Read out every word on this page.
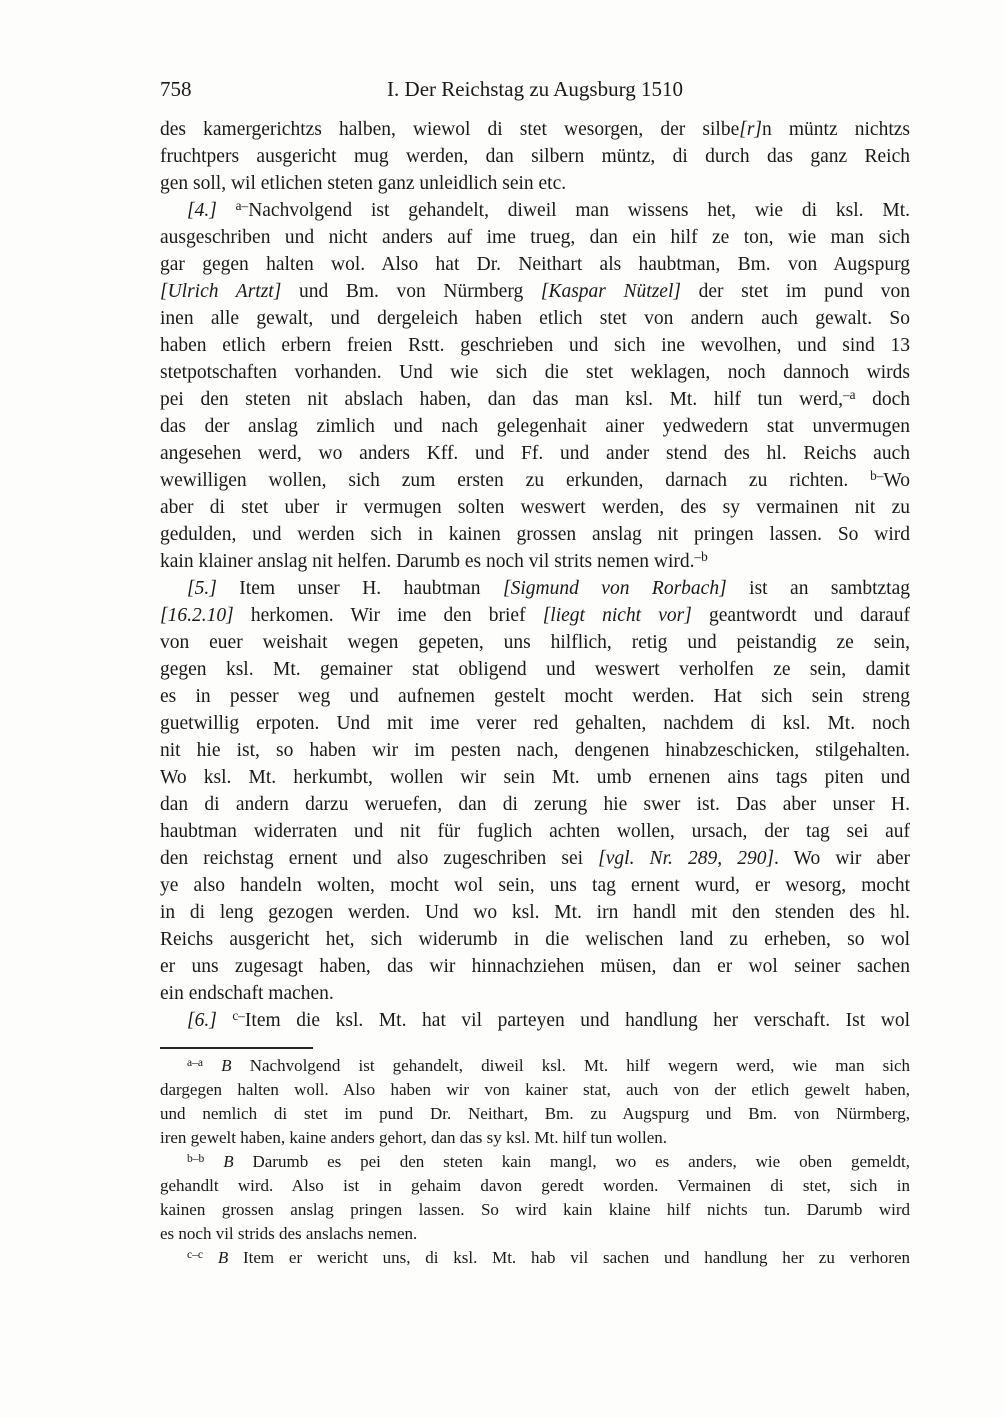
758	I. Der Reichstag zu Augsburg 1510
des kamergerichtzs halben, wiewol di stet wesorgen, der silbe[r]n müntz nichtzs
fruchtpers ausgericht mug werden, dan silbern müntz, di durch das ganz Reich
gen soll, wil etlichen steten ganz unleidlich sein etc.
[4.] $^{a-}$Nachvolgend ist gehandelt, diweil man wissens het, wie di ksl. Mt.
ausgeschriben und nicht anders auf ime trueg, dan ein hilf ze ton, wie man sich
gar gegen halten wol. Also hat Dr. Neithart als haubtman, Bm. von Augspurg
[Ulrich Artzt] und Bm. von Nürmberg [Kaspar Nützel] der stet im pund von
inen alle gewalt, und dergeleich haben etlich stet von andern auch gewalt. So
haben etlich erbern freien Rstt. geschrieben und sich ine wevolhen, und sind 13
stetpotschaften vorhanden. Und wie sich die stet weklagen, noch dannoch wirds
pei den steten nit abslach haben, dan das man ksl. Mt. hilf tun werd,$^{-a}$ doch
das der anslag zimlich und nach gelegenhait ainer yedwedern stat unvermugen
angesehen werd, wo anders Kff. und Ff. und ander stend des hl. Reichs auch
wewilligen wollen, sich zum ersten zu erkunden, darnach zu richten. $^{b-}$Wo
aber di stet uber ir vermugen solten weswert werden, des sy vermainen nit zu
gedulden, und werden sich in kainen grossen anslag nit pringen lassen. So wird
kain klainer anslag nit helfen. Darumb es noch vil strits nemen wird.$^{-b}$
[5.] Item unser H. haubtman [Sigmund von Rorbach] ist an sambtztag
[16.2.10] herkomen. Wir ime den brief [liegt nicht vor] geantwordt und darauf
von euer weishait wegen gepeten, uns hilflich, retig und peistandig ze sein,
gegen ksl. Mt. gemainer stat obligend und weswert verholfen ze sein, damit
es in pesser weg und aufnemen gestelt mocht werden. Hat sich sein streng
guetwillig erpoten. Und mit ime verer red gehalten, nachdem di ksl. Mt. noch
nit hie ist, so haben wir im pesten nach, dengenen hinabzeschicken, stilgehalten.
Wo ksl. Mt. herkumbt, wollen wir sein Mt. umb ernenen ains tags piten und
dan di andern darzu weruefen, dan di zerung hie swer ist. Das aber unser H.
haubtman widerraten und nit für fuglich achten wollen, ursach, der tag sei auf
den reichstag ernent und also zugeschriben sei [vgl. Nr. 289, 290]. Wo wir aber
ye also handeln wolten, mocht wol sein, uns tag ernent wurd, er wesorg, mocht
in di leng gezogen werden. Und wo ksl. Mt. irn handl mit den stenden des hl.
Reichs ausgericht het, sich widerumb in die welischen land zu erheben, so wol
er uns zugesagt haben, das wir hinnachziehen müsen, dan er wol seiner sachen
ein endschaft machen.
[6.] $^{c-}$Item die ksl. Mt. hat vil parteyen und handlung her verschaft. Ist wol
$^{a-a}$ B Nachvolgend ist gehandelt, diweil ksl. Mt. hilf wegern werd, wie man sich
dargegen halten woll. Also haben wir von kainer stat, auch von der etlich gewelt haben,
und nemlich di stet im pund Dr. Neithart, Bm. zu Augspurg und Bm. von Nürmberg,
iren gewelt haben, kaine anders gehort, dan das sy ksl. Mt. hilf tun wollen.
$^{b-b}$ B Darumb es pei den steten kain mangl, wo es anders, wie oben gemeldt,
gehandlt wird. Also ist in gehaim davon geredt worden. Vermainen di stet, sich in
kainen grossen anslag pringen lassen. So wird kain klaine hilf nichts tun. Darumb wird
es noch vil strids des anslachs nemen.
$^{c-c}$ B Item er wericht uns, di ksl. Mt. hab vil sachen und handlung her zu verhoren
